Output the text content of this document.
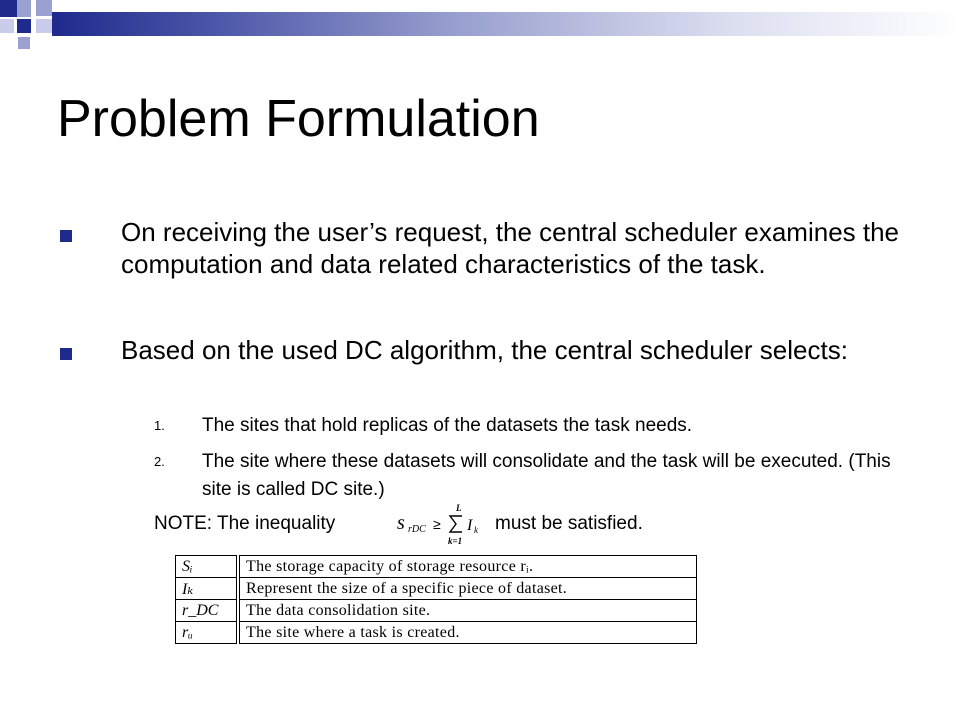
Problem Formulation
On receiving the user’s request, the central scheduler examines the computation and data related characteristics of the task.
Based on the used DC algorithm, the central scheduler selects:
1. The sites that hold replicas of the datasets the task needs.
2. The site where these datasets will consolidate and the task will be executed. (This site is called DC site.)
NOTE: The inequality	s rDC ≥
L
k=1
I k must be satisfied.
Sᵢ	The storage capacity of storage resource rᵢ.
Iₖ	Represent the size of a specific piece of dataset.
r_DC	The data consolidation site.
rᵤ	The site where a task is created.
